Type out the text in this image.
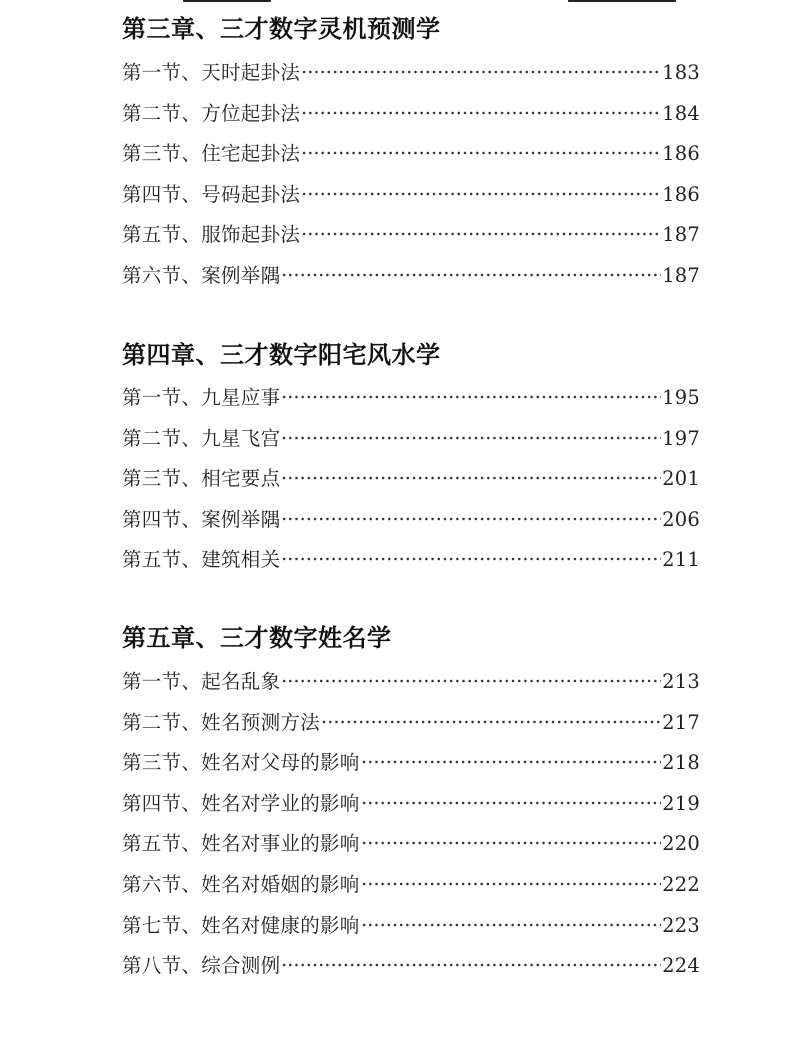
第三章、三才数字灵机预测学
第一节、天时起卦法	183
第二节、方位起卦法	184
第三节、住宅起卦法	186
第四节、号码起卦法	186
第五节、服饰起卦法	187
第六节、案例举隅	187
第四章、三才数字阳宅风水学
第一节、九星应事	195
第二节、九星飞宫	197
第三节、相宅要点	201
第四节、案例举隅	206
第五节、建筑相关	211
第五章、三才数字姓名学
第一节、起名乱象	213
第二节、姓名预测方法	217
第三节、姓名对父母的影响	218
第四节、姓名对学业的影响	219
第五节、姓名对事业的影响	220
第六节、姓名对婚姻的影响	222
第七节、姓名对健康的影响	223
第八节、综合测例	224
